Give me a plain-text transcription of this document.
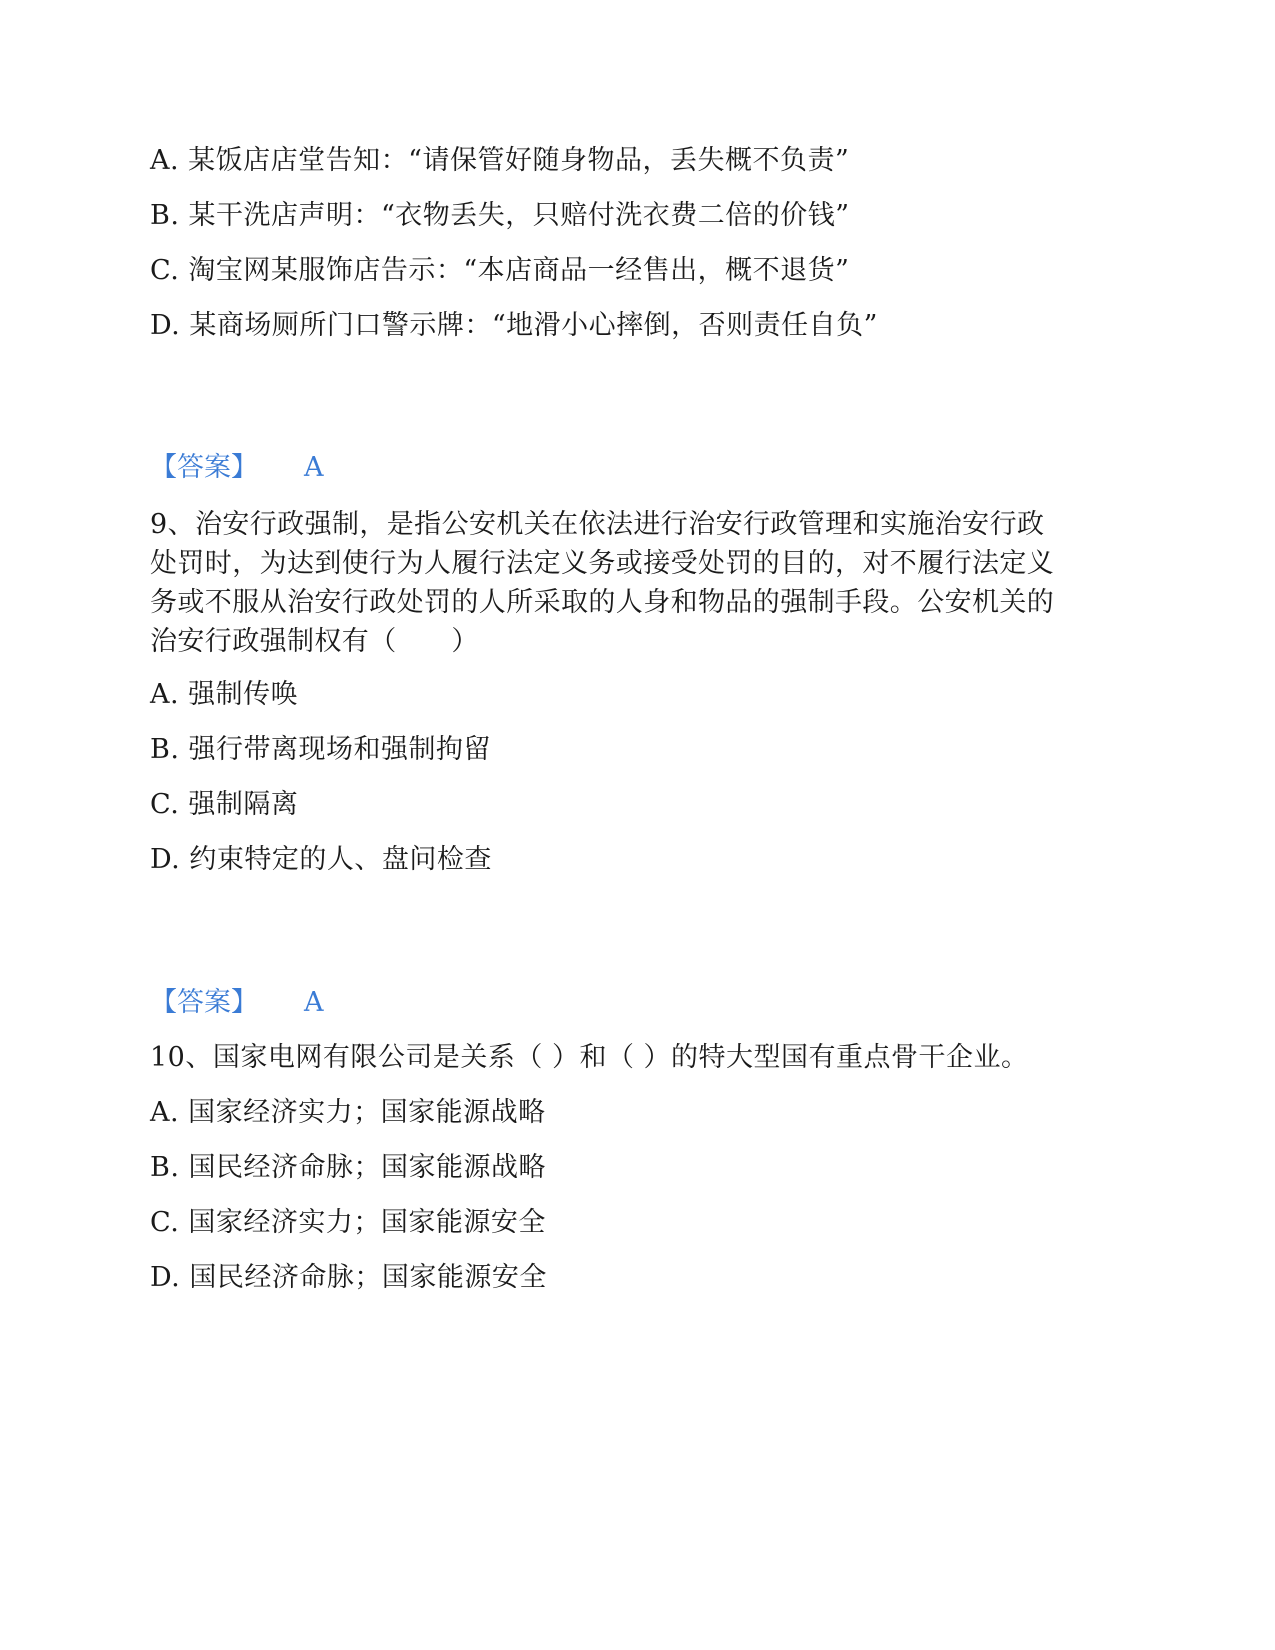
A. 某饭店店堂告知：“请保管好随身物品，丢失概不负责”
B. 某干洗店声明：“衣物丢失，只赔付洗衣费二倍的价钱”
C. 淘宝网某服饰店告示：“本店商品一经售出，概不退货”
D. 某商场厕所门口警示牌：“地滑小心摔倒，否则责任自负”
【答案】 A
9、治安行政强制，是指公安机关在依法进行治安行政管理和实施治安行政
处罚时，为达到使行为人履行法定义务或接受处罚的目的，对不履行法定义
务或不服从治安行政处罚的人所采取的人身和物品的强制手段。公安机关的
治安行政强制权有（　　）
A. 强制传唤
B. 强行带离现场和强制拘留
C. 强制隔离
D. 约束特定的人、盘问检查
【答案】 A
10、国家电网有限公司是关系（ ）和（ ）的特大型国有重点骨干企业。
A. 国家经济实力；国家能源战略
B. 国民经济命脉；国家能源战略
C. 国家经济实力；国家能源安全
D. 国民经济命脉；国家能源安全
